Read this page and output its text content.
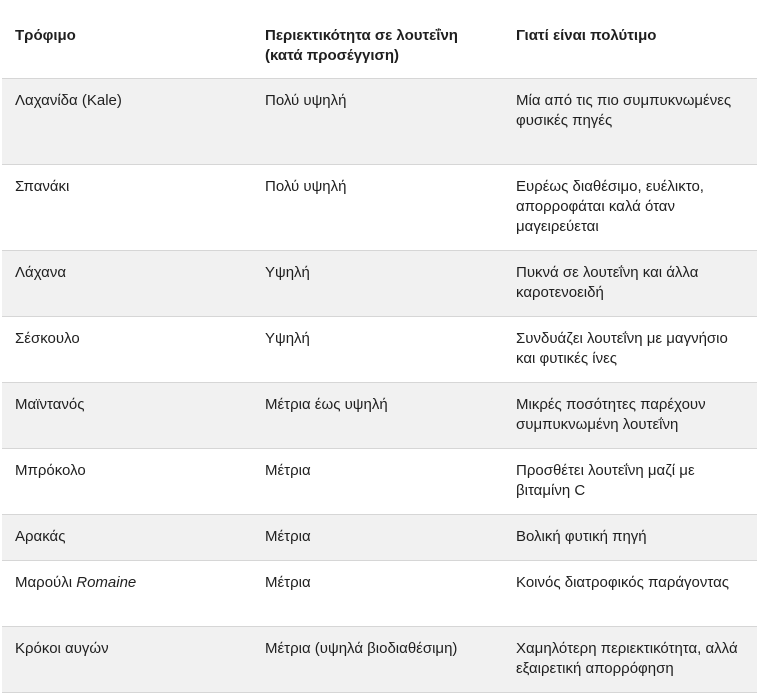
Τρόφιμο	Περιεκτικότητα σε λουτεΐνη (κατά προσέγγιση)	Γιατί είναι πολύτιμο
Λαχανίδα (Kale)	Πολύ υψηλή	Μία από τις πιο συμπυκνωμένες φυσικές πηγές
Σπανάκι	Πολύ υψηλή	Ευρέως διαθέσιμο, ευέλικτο, απορροφάται καλά όταν μαγειρεύεται
Λάχανα	Υψηλή	Πυκνά σε λουτεΐνη και άλλα καροτενοειδή
Σέσκουλο	Υψηλή	Συνδυάζει λουτεΐνη με μαγνήσιο και φυτικές ίνες
Μαϊντανός	Μέτρια έως υψηλή	Μικρές ποσότητες παρέχουν συμπυκνωμένη λουτεΐνη
Μπρόκολο	Μέτρια	Προσθέτει λουτεΐνη μαζί με βιταμίνη C
Αρακάς	Μέτρια	Βολική φυτική πηγή
Μαρούλι Romaine	Μέτρια	Κοινός διατροφικός παράγοντας
Κρόκοι αυγών	Μέτρια (υψηλά βιοδιαθέσιμη)	Χαμηλότερη περιεκτικότητα, αλλά εξαιρετική απορρόφηση
